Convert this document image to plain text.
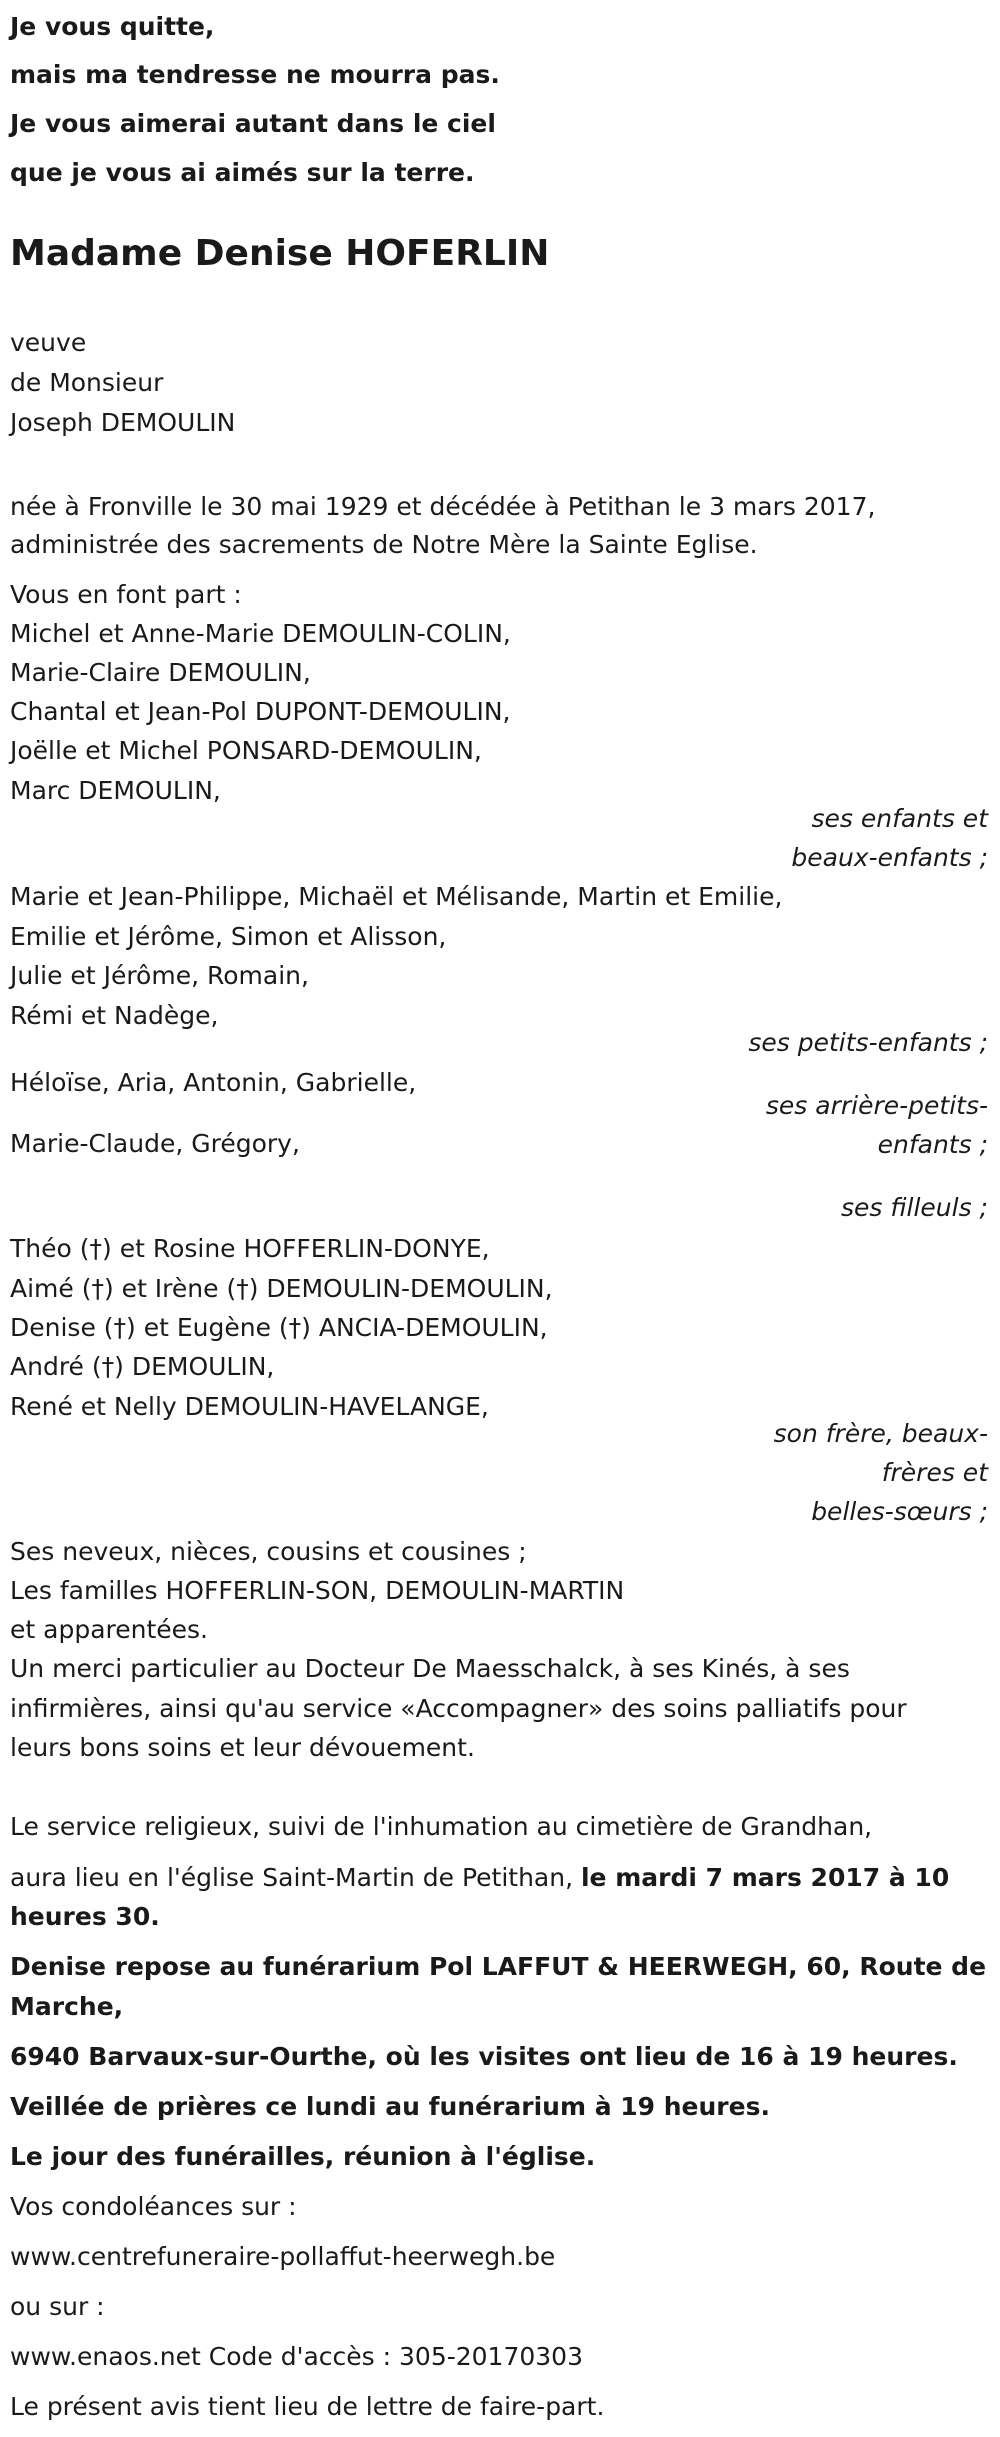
Je vous quitte,
mais ma tendresse ne mourra pas.
Je vous aimerai autant dans le ciel
que je vous ai aimés sur la terre.
Madame Denise HOFERLIN
veuve
de Monsieur
Joseph DEMOULIN
née à Fronville le 30 mai 1929 et décédée à Petithan le 3 mars 2017,
administrée des sacrements de Notre Mère la Sainte Eglise.
Vous en font part :
Michel et Anne-Marie DEMOULIN-COLIN,
Marie-Claire DEMOULIN,
Chantal et Jean-Pol DUPONT-DEMOULIN,
Joëlle et Michel PONSARD-DEMOULIN,
Marc DEMOULIN,
ses enfants et
beaux-enfants ;
Marie et Jean-Philippe, Michaël et Mélisande, Martin et Emilie,
Emilie et Jérôme, Simon et Alisson,
Julie et Jérôme, Romain,
Rémi et Nadège,
ses petits-enfants ;
Héloïse, Aria, Antonin, Gabrielle,
ses arrière-petits-
enfants ;
Marie-Claude, Grégory,
ses filleuls ;
Théo (†) et Rosine HOFFERLIN-DONYE,
Aimé (†) et Irène (†) DEMOULIN-DEMOULIN,
Denise (†) et Eugène (†) ANCIA-DEMOULIN,
André (†) DEMOULIN,
René et Nelly DEMOULIN-HAVELANGE,
son frère, beaux-
frères et
belles-sœurs ;
Ses neveux, nièces, cousins et cousines ;
Les familles HOFFERLIN-SON, DEMOULIN-MARTIN
et apparentées.
Un merci particulier au Docteur De Maesschalck, à ses Kinés, à ses
infirmières, ainsi qu'au service «Accompagner» des soins palliatifs pour
leurs bons soins et leur dévouement.
Le service religieux, suivi de l'inhumation au cimetière de Grandhan,
aura lieu en l'église Saint-Martin de Petithan, le mardi 7 mars 2017 à 10
heures 30.
Denise repose au funérarium Pol LAFFUT & HEERWEGH, 60, Route de
Marche,
6940 Barvaux-sur-Ourthe, où les visites ont lieu de 16 à 19 heures.
Veillée de prières ce lundi au funérarium à 19 heures.
Le jour des funérailles, réunion à l'église.
Vos condoléances sur :
www.centrefuneraire-pollaffut-heerwegh.be
ou sur :
www.enaos.net Code d'accès : 305-20170303
Le présent avis tient lieu de lettre de faire-part.
